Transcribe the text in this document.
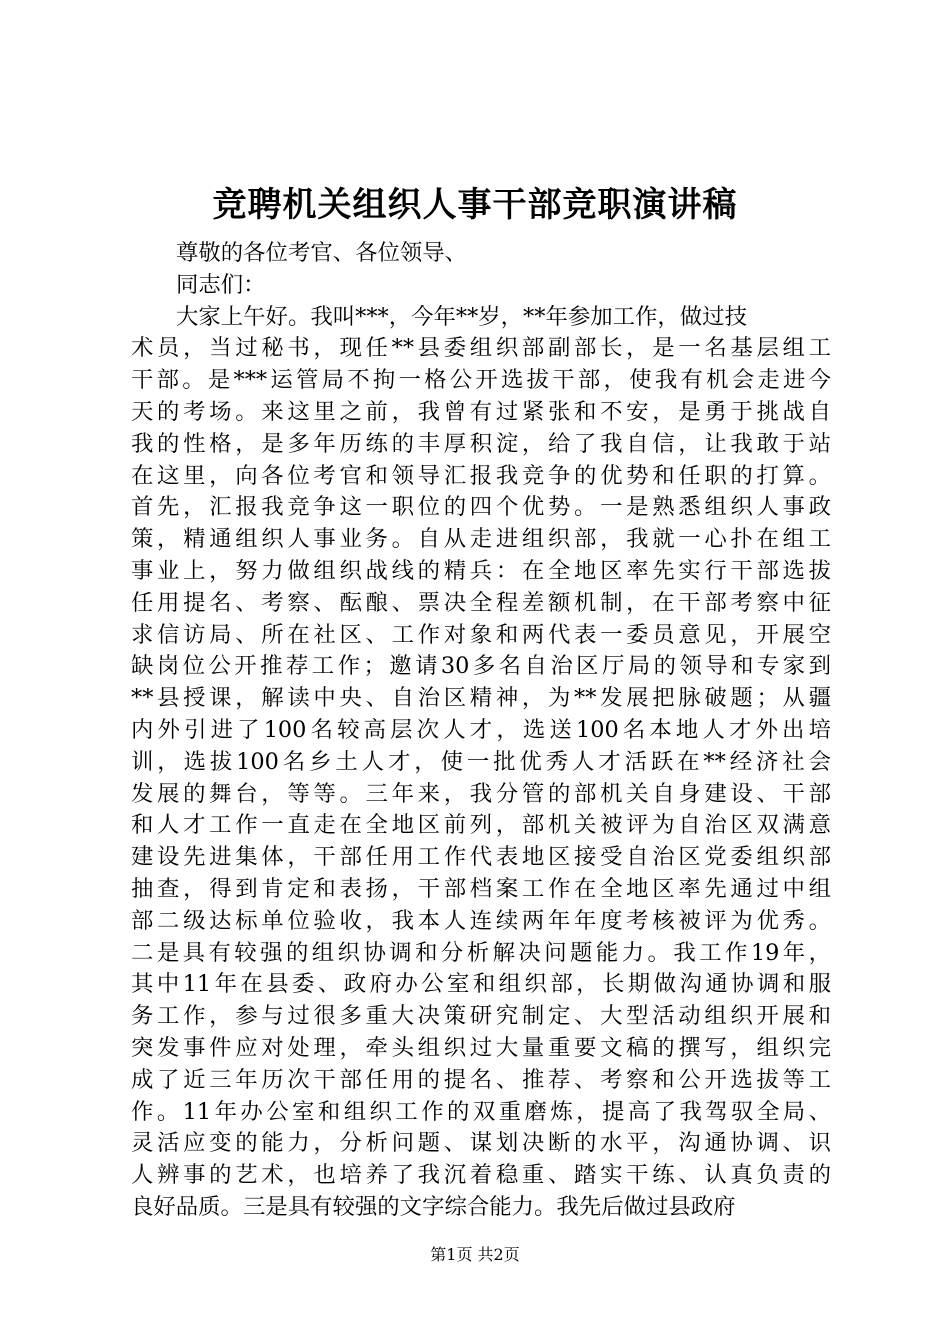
竞聘机关组织人事干部竞职演讲稿
尊敬的各位考官、各位领导、
同志们：
大家上午好。我叫***，今年**岁，**年参加工作，做过技
术员，当过秘书，现任**县委组织部副部长，是一名基层组工
干部。是***运管局不拘一格公开选拔干部，使我有机会走进今
天的考场。来这里之前，我曾有过紧张和不安，是勇于挑战自
我的性格，是多年历练的丰厚积淀，给了我自信，让我敢于站
在这里，向各位考官和领导汇报我竞争的优势和任职的打算。
首先，汇报我竞争这一职位的四个优势。一是熟悉组织人事政
策，精通组织人事业务。自从走进组织部，我就一心扑在组工
事业上，努力做组织战线的精兵：在全地区率先实行干部选拔
任用提名、考察、酝酿、票决全程差额机制，在干部考察中征
求信访局、所在社区、工作对象和两代表一委员意见，开展空
缺岗位公开推荐工作；邀请30多名自治区厅局的领导和专家到
**县授课，解读中央、自治区精神，为**发展把脉破题；从疆
内外引进了100名较高层次人才，选送100名本地人才外出培
训，选拔100名乡土人才，使一批优秀人才活跃在**经济社会
发展的舞台，等等。三年来，我分管的部机关自身建设、干部
和人才工作一直走在全地区前列，部机关被评为自治区双满意
建设先进集体，干部任用工作代表地区接受自治区党委组织部
抽查，得到肯定和表扬，干部档案工作在全地区率先通过中组
部二级达标单位验收，我本人连续两年年度考核被评为优秀。
二是具有较强的组织协调和分析解决问题能力。我工作19年，
其中11年在县委、政府办公室和组织部，长期做沟通协调和服
务工作，参与过很多重大决策研究制定、大型活动组织开展和
突发事件应对处理，牵头组织过大量重要文稿的撰写，组织完
成了近三年历次干部任用的提名、推荐、考察和公开选拔等工
作。11年办公室和组织工作的双重磨炼，提高了我驾驭全局、
灵活应变的能力，分析问题、谋划决断的水平，沟通协调、识
人辨事的艺术，也培养了我沉着稳重、踏实干练、认真负责的
良好品质。三是具有较强的文字综合能力。我先后做过县政府
第1页 共2页
